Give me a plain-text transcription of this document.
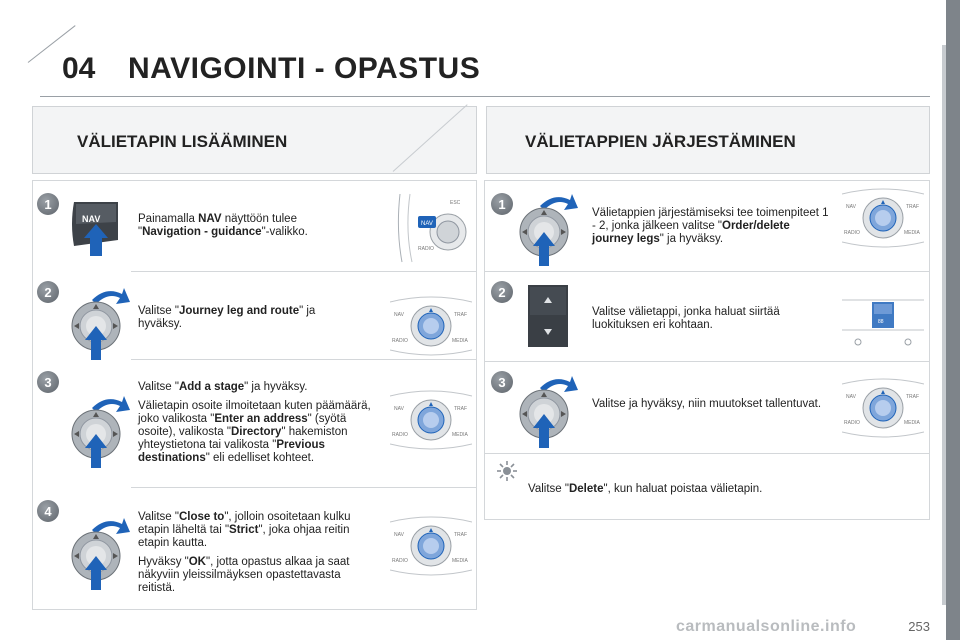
04 NAVIGOINTI - OPASTUS
VÄLIETAPIN LISÄÄMINEN	VÄLIETAPPIEN JÄRJESTÄMINEN
1
NAV	Painamalla NAV näyttöön tulee "Navigation - guidance"-valikko.

NAV
ESC
RADIO
2

Valitse "Journey leg and route" ja hyväksy.

NAV	TRAF
RADIO	MEDIA
3	Valitse "Add a stage" ja hyväksy.

Välietapin osoite ilmoitetaan kuten päämäärä, joko valikosta "Enter an address" (syötä osoite), valikosta "Directory" hakemiston yhteystietona tai valikosta "Previous destinations" eli edelliset kohteet.

NAV	TRAF
RADIO	MEDIA
4	Valitse "Close to", jolloin osoitetaan kulku etapin läheltä tai "Strict", joka ohjaa reitin etapin kautta.

Hyväksy "OK", jotta opastus alkaa ja saat näkyviin yleissilmäyksen opastettavasta reitistä.

NAV	TRAF
RADIO	MEDIA
1

Välietappien järjestämiseksi tee toimenpiteet 1 - 2, jonka jälkeen valitse "Order/delete journey legs" ja hyväksy.

NAV	TRAF
RADIO	MEDIA
2

Valitse välietappi, jonka haluat siirtää luokituksen eri kohtaan.	88
3

Valitse ja hyväksy, niin muutokset tallentuvat.

NAV	TRAF
RADIO	MEDIA
Valitse "Delete", kun haluat poistaa välietapin.
carmanualsonline.info	253
